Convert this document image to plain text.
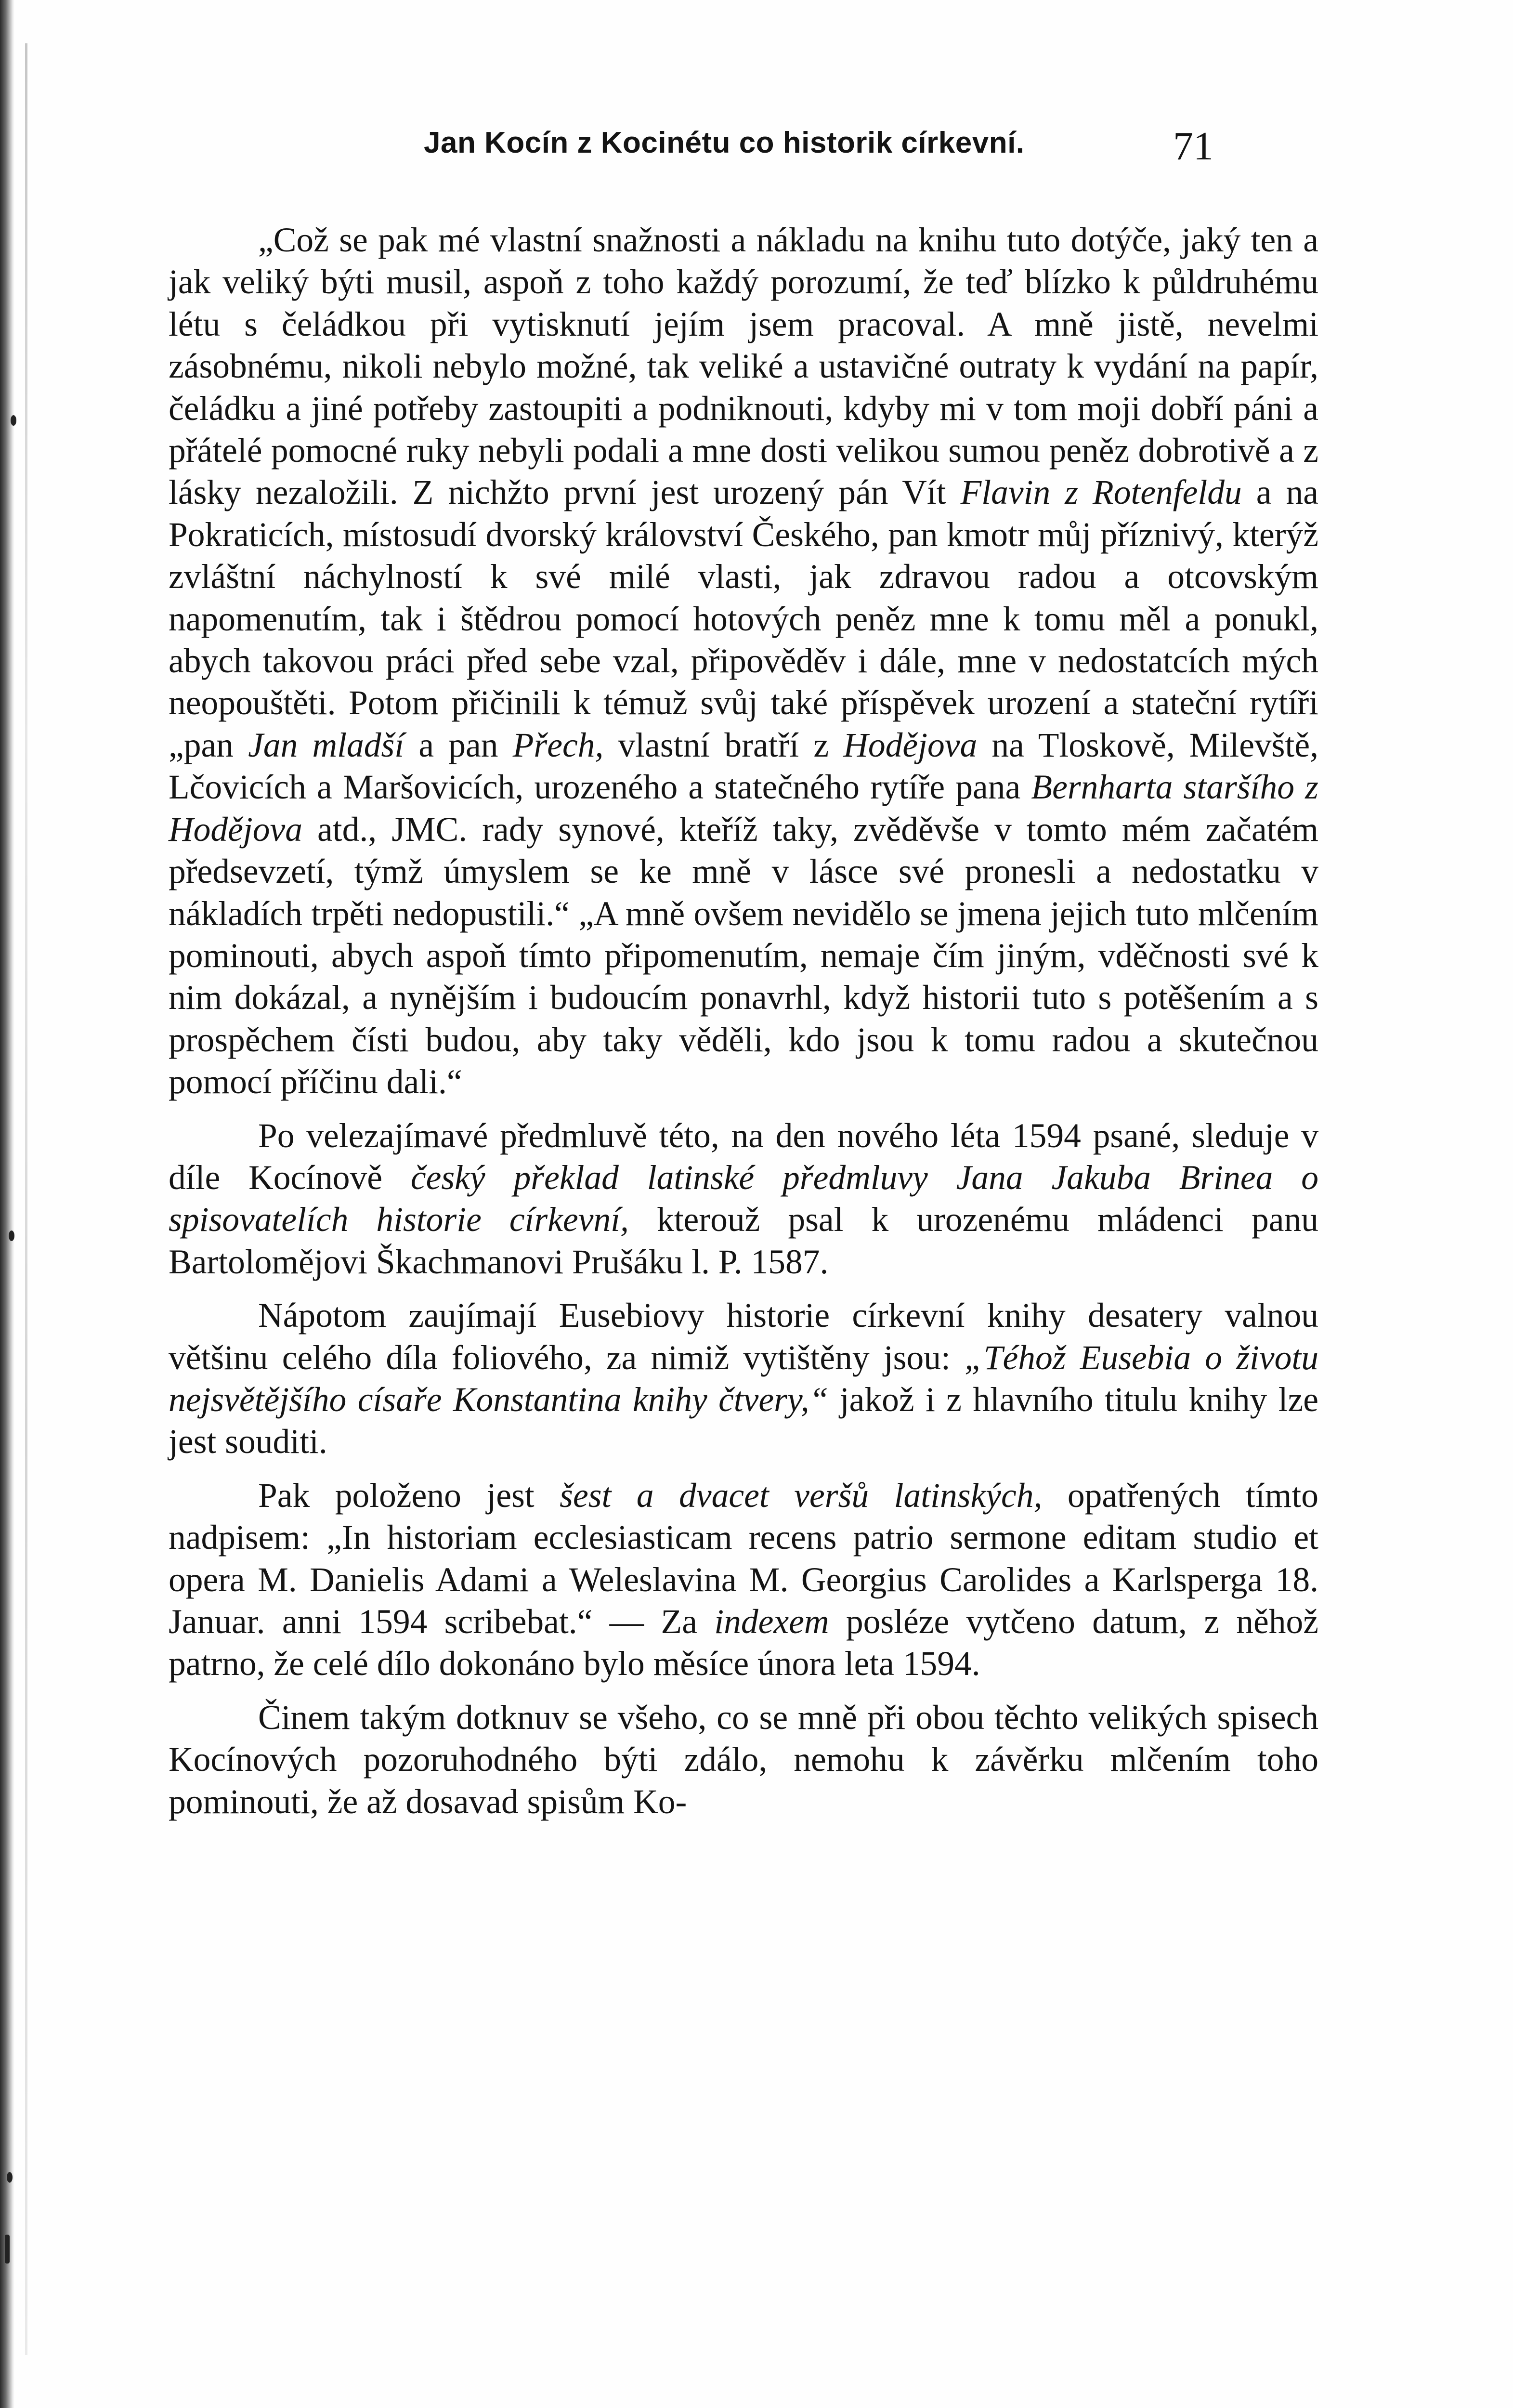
Jan Kocín z Kocinétu co historik církevní.	71

„Což se pak mé vlastní snažnosti a nákladu na knihu tuto dotýče, jaký ten a jak veliký býti musil, aspoň z toho každý porozumí, že teď blízko k půldruhému létu s čeládkou při vytisknutí jejím jsem pracoval. A mně jistě, nevelmi zásobnému, nikoli nebylo možné, tak veliké a ustavičné outraty k vydání na papír, čeládku a jiné potřeby zastoupiti a podniknouti, kdyby mi v tom moji dobří páni a přátelé pomocné ruky nebyli podali a mne dosti velikou sumou peněz dobrotivě a z lásky nezaložili. Z nichžto první jest urozený pán Vít Flavin z Rotenfeldu a na Pokraticích, místosudí dvorský království Českého, pan kmotr můj příznivý, kterýž zvláštní náchylností k své milé vlasti, jak zdravou radou a otcovským napomenutím, tak i štědrou pomocí hotových peněz mne k tomu měl a ponukl, abych takovou práci před sebe vzal, připověděv i dále, mne v nedostatcích mých neopouštěti. Potom přičinili k témuž svůj také příspěvek urození a stateční rytíři „pan Jan mladší a pan Přech, vlastní bratří z Hodějova na Tloskově, Milevště, Lčovicích a Maršovicích, urozeného a statečného rytíře pana Bernharta staršího z Hodějova atd., JMC. rady synové, kteříž taky, zvěděvše v tomto mém začatém předsevzetí, týmž úmyslem se ke mně v lásce své pronesli a nedostatku v nákladích trpěti nedopustili.“ „A mně ovšem nevidělo se jmena jejich tuto mlčením pominouti, abych aspoň tímto připomenutím, nemaje čím jiným, vděčnosti své k nim dokázal, a nynějším i budoucím ponavrhl, když historii tuto s potěšením a s prospěchem čísti budou, aby taky věděli, kdo jsou k tomu radou a skutečnou pomocí příčinu dali.“

Po velezajímavé předmluvě této, na den nového léta 1594 psané, sleduje v díle Kocínově český překlad latinské předmluvy Jana Jakuba Brinea o spisovatelích historie církevní, kterouž psal k urozenému mládenci panu Bartolomějovi Škachmanovi Prušáku l. P. 1587.

Nápotom zaujímají Eusebiovy historie církevní knihy desatery valnou většinu celého díla foliového, za nimiž vytištěny jsou: „Téhož Eusebia o životu nejsvětějšího císaře Konstantina knihy čtvery,“ jakož i z hlavního titulu knihy lze jest souditi.

Pak položeno jest šest a dvacet veršů latinských, opatřených tímto nadpisem: „In historiam ecclesiasticam recens patrio sermone editam studio et opera M. Danielis Adami a Weleslavina M. Georgius Carolides a Karlsperga 18. Januar. anni 1594 scribebat.“ — Za indexem posléze vytčeno datum, z něhož patrno, že celé dílo dokonáno bylo měsíce února leta 1594.

Činem takým dotknuv se všeho, co se mně při obou těchto velikých spisech Kocínových pozoruhodného býti zdálo, nemohu k závěrku mlčením toho pominouti, že až dosavad spisům Ko-
